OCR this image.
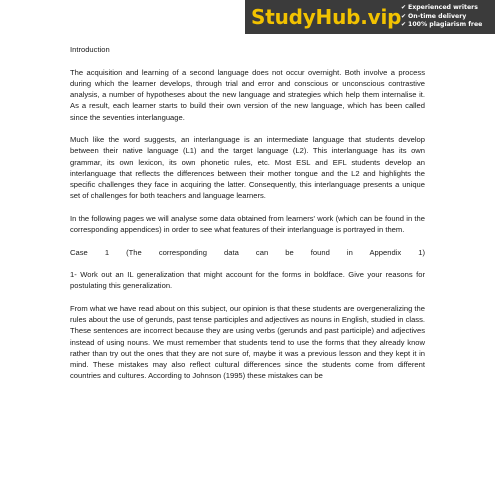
StudyHub.vip ✔ Experienced writers
✔ On-time delivery
✔ 100% plagiarism free

Introduction

The acquisition and learning of a second language does not occur overnight. Both involve a process during which the learner develops, through trial and error and conscious or unconscious contrastive analysis, a number of hypotheses about the new language and strategies which help them internalise it. As a result, each learner starts to build their own version of the new language, which has been called since the seventies interlanguage.

Much like the word suggests, an interlanguage is an intermediate language that students develop between their native language (L1) and the target language (L2). This interlanguage has its own grammar, its own lexicon, its own phonetic rules, etc. Most ESL and EFL students develop an interlanguage that reflects the differences between their mother tongue and the L2 and highlights the specific challenges they face in acquiring the latter. Consequently, this interlanguage presents a unique set of challenges for both teachers and language learners.

In the following pages we will analyse some data obtained from learners' work (which can be found in the corresponding appendices) in order to see what features of their interlanguage is portrayed in them.

Case 1 (The corresponding data can be found in Appendix 1)

1- Work out an IL generalization that might account for the forms in boldface. Give your reasons for postulating this generalization.

From what we have read about on this subject, our opinion is that these students are overgeneralizing the rules about the use of gerunds, past tense participles and adjectives as nouns in English, studied in class. These sentences are incorrect because they are using verbs (gerunds and past participle) and adjectives instead of using nouns. We must remember that students tend to use the forms that they already know rather than try out the ones that they are not sure of, maybe it was a previous lesson and they kept it in mind. These mistakes may also reflect cultural differences since the students come from different countries and cultures. According to Johnson (1995) these mistakes can be
